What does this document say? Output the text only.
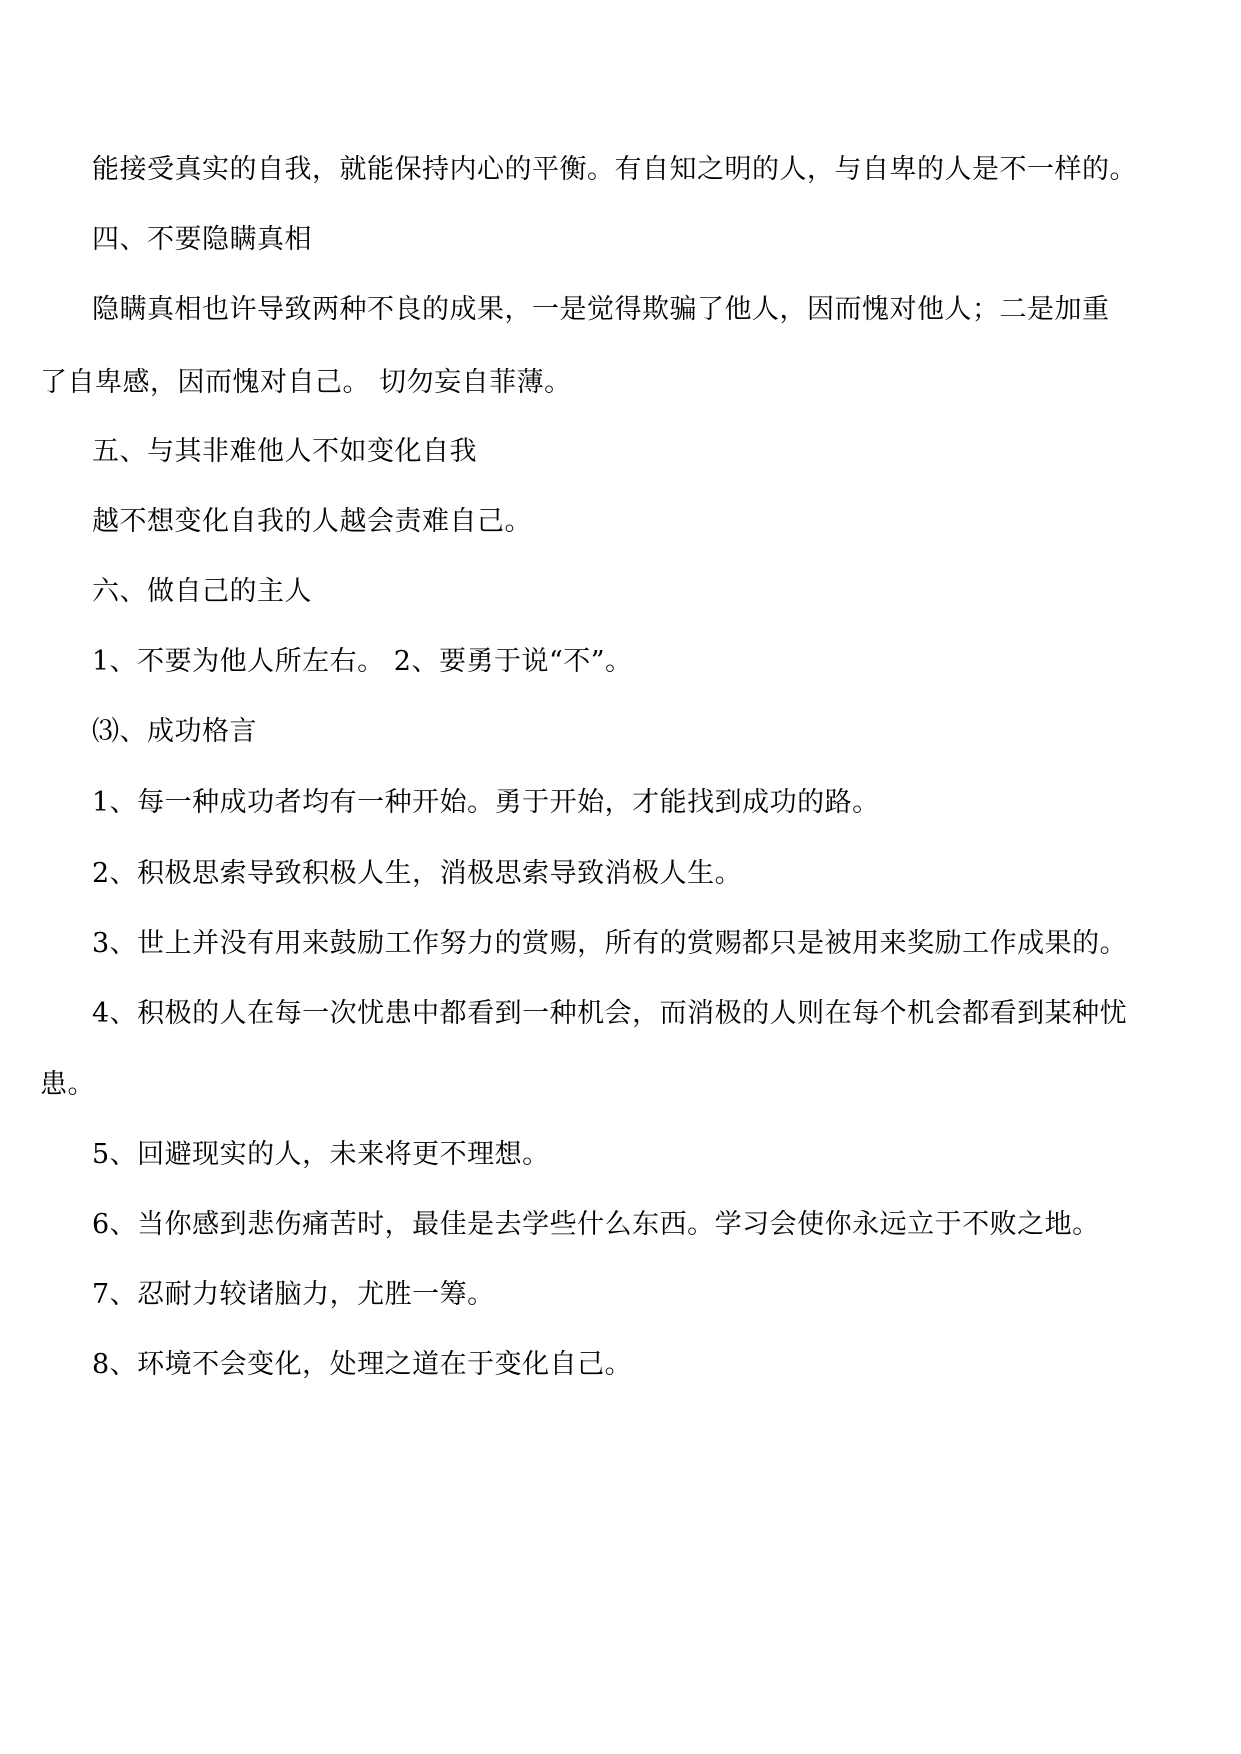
能接受真实的自我，就能保持内心的平衡。有自知之明的人，与自卑的人是不一样的。

四、不要隐瞒真相

隐瞒真相也许导致两种不良的成果，一是觉得欺骗了他人，因而愧对他人；二是加重

了自卑感，因而愧对自己。 切勿妄自菲薄。

五、与其非难他人不如变化自我

越不想变化自我的人越会责难自己。

六、做自己的主人

1、不要为他人所左右。 2、要勇于说“不”。

⑶、成功格言

1、每一种成功者均有一种开始。勇于开始，才能找到成功的路。

2、积极思索导致积极人生，消极思索导致消极人生。

3、世上并没有用来鼓励工作努力的赏赐，所有的赏赐都只是被用来奖励工作成果的。

4、积极的人在每一次忧患中都看到一种机会，而消极的人则在每个机会都看到某种忧

患。

5、回避现实的人，未来将更不理想。

6、当你感到悲伤痛苦时，最佳是去学些什么东西。学习会使你永远立于不败之地。

7、忍耐力较诸脑力，尤胜一筹。

8、环境不会变化，处理之道在于变化自己。
